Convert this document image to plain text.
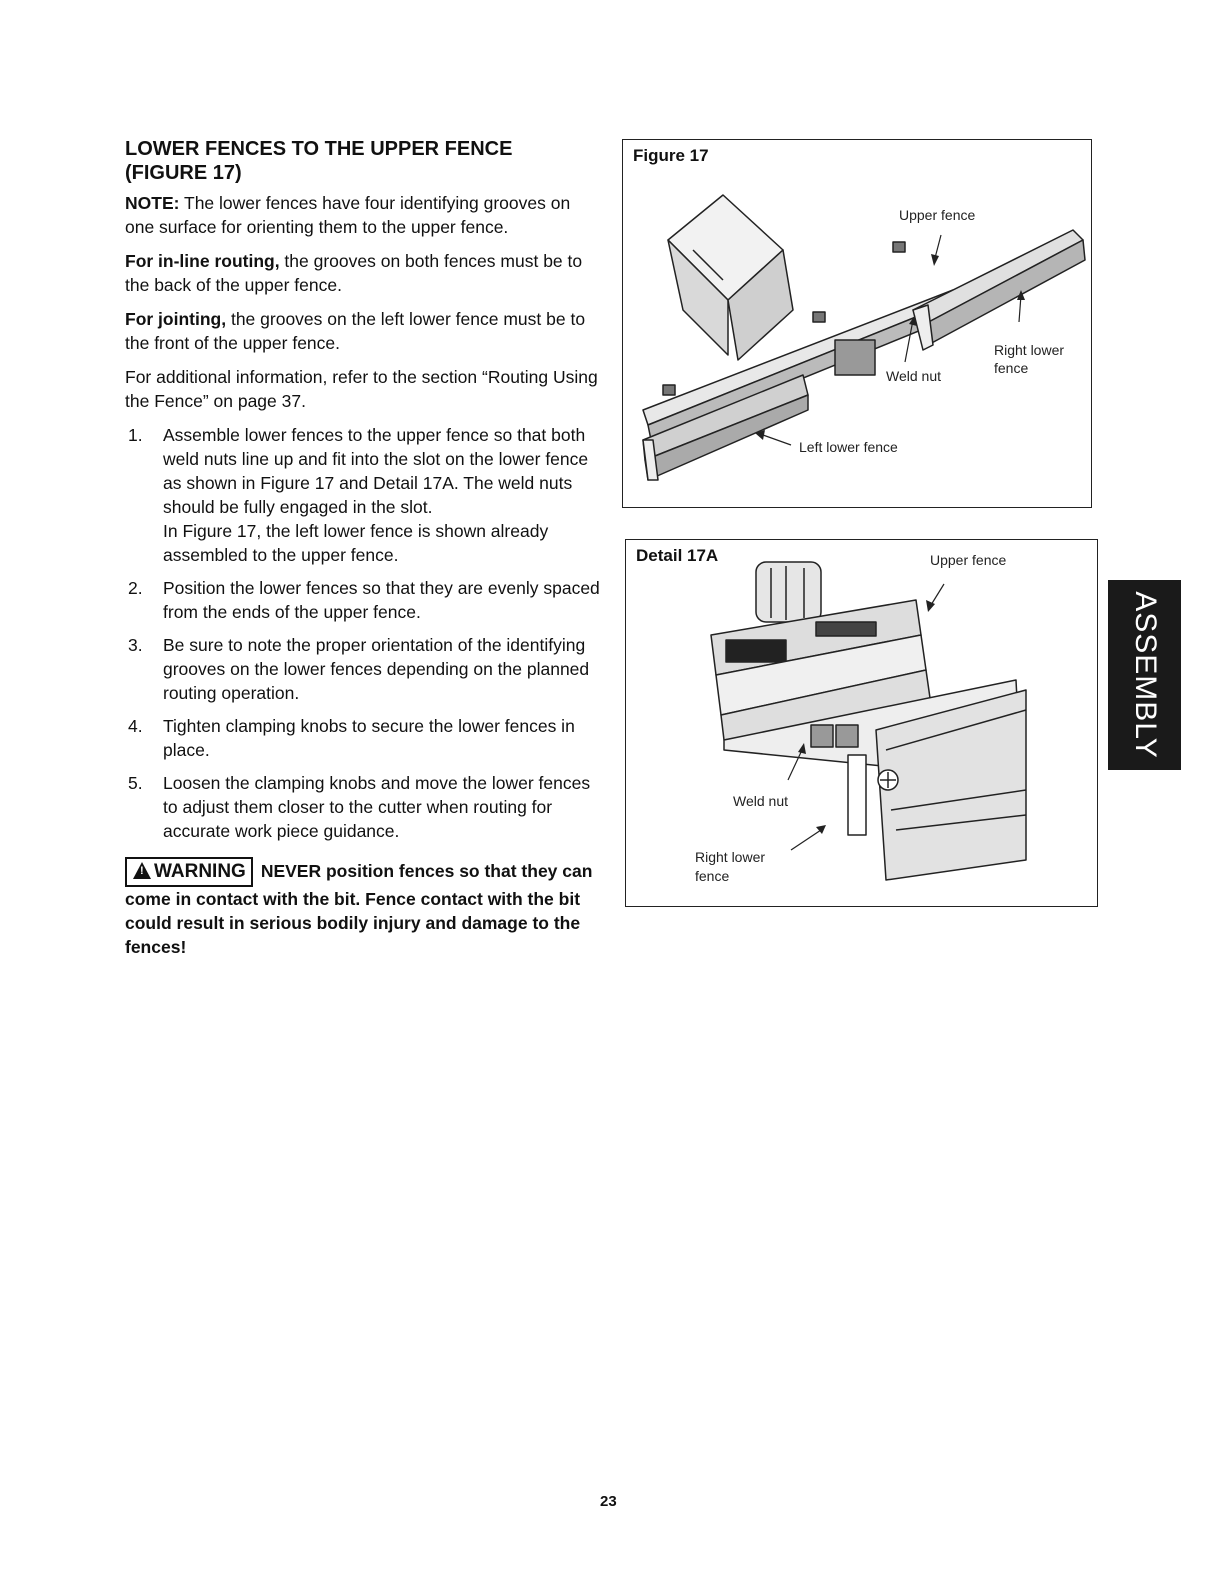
LOWER FENCES TO THE UPPER FENCE
(FIGURE 17)

NOTE: The lower fences have four identifying grooves on one surface for orienting them to the upper fence.

For in-line routing, the grooves on both fences must be to the back of the upper fence.

For jointing, the grooves on the left lower fence must be to the front of the upper fence.

For additional information, refer to the section “Routing Using the Fence” on page 37.

1. Assemble lower fences to the upper fence so that both weld nuts line up and fit into the slot on the lower fence as shown in Figure 17 and Detail 17A. The weld nuts should be fully engaged in the slot.
In Figure 17, the left lower fence is shown already assembled to the upper fence.
2. Position the lower fences so that they are evenly spaced from the ends of the upper fence.
3. Be sure to note the proper orientation of the identifying grooves on the lower fences depending on the planned routing operation.
4. Tighten clamping knobs to secure the lower fences in place.
5. Loosen the clamping knobs and move the lower fences to adjust them closer to the cutter when routing for accurate work piece guidance.
! WARNING NEVER position fences so that they can come in contact with the bit. Fence contact with the bit could result in serious bodily injury and damage to the fences!
Figure 17
Upper fence
Right lower
fence
Weld nut
Left lower fence
Detail 17A	Upper fence
Weld nut
Right lower
fence
ASSEMBLY
23
